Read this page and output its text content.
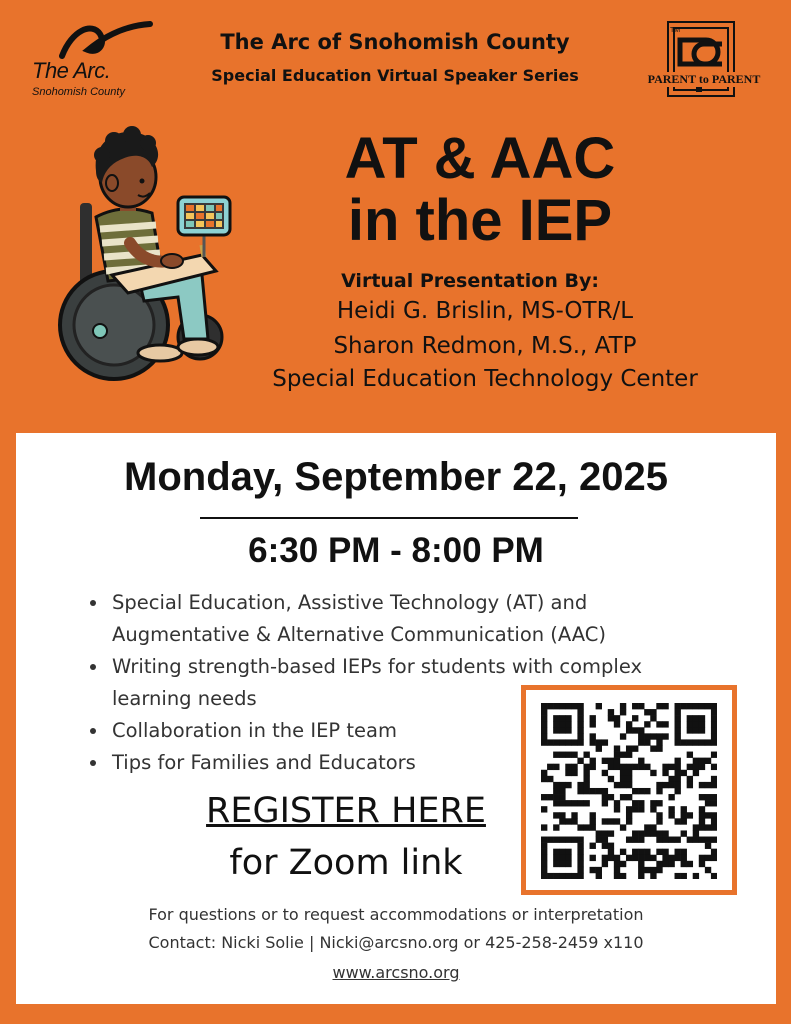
The Arc.
Snohomish County
The Arc of Snohomish County
Special Education Virtual Speaker Series
TM
PARENT to PARENT
AT & AAC
in the IEP
Virtual Presentation By:
Heidi G. Brislin, MS-OTR/L
Sharon Redmon, M.S., ATP
Special Education Technology Center
Monday, September 22, 2025
6:30 PM - 8:00 PM
Special Education, Assistive Technology (AT) and Augmentative & Alternative Communication (AAC)
Writing strength-based IEPs for students with complex learning needs
Collaboration in the IEP team
Tips for Families and Educators
REGISTER HERE
for Zoom link
For questions or to request accommodations or interpretation
Contact: Nicki Solie | Nicki@arcsno.org or 425-258-2459 x110
www.arcsno.org
